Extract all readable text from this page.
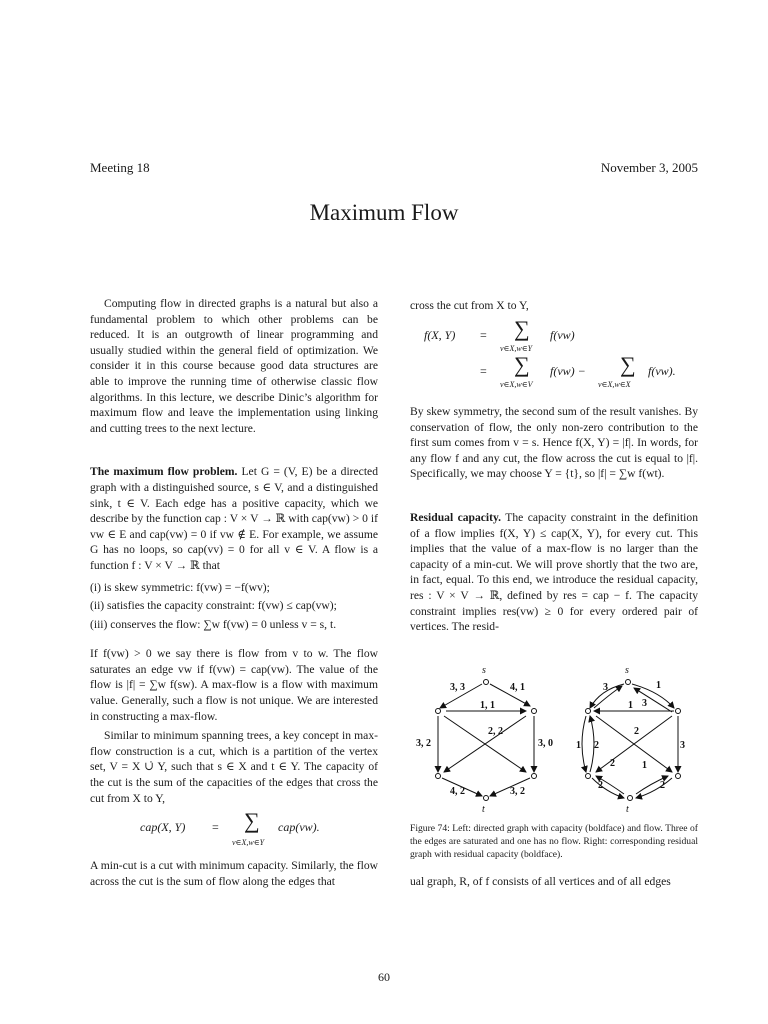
Meeting 18	November 3, 2005
Maximum Flow

Computing flow in directed graphs is a natural but also a fundamental problem to which other problems can be reduced. It is an outgrowth of linear programming and usually studied within the general field of optimization. We consider it in this course because good data structures are able to improve the running time of otherwise classic flow algorithms. In this lecture, we describe Dinic’s algorithm for maximum flow and leave the implementation using linking and cutting trees to the next lecture.

The maximum flow problem. Let G = (V, E) be a directed graph with a distinguished source, s ∈ V, and a distinguished sink, t ∈ V. Each edge has a positive capacity, which we describe by the function cap : V × V → ℝ with cap(vw) > 0 if vw ∈ E and cap(vw) = 0 if vw ∉ E. For example, we assume G has no loops, so cap(vv) = 0 for all v ∈ V. A flow is a function f : V × V → ℝ that

(i) is skew symmetric: f(vw) = −f(wv);
(ii) satisfies the capacity constraint: f(vw) ≤ cap(vw);
(iii) conserves the flow: ∑w f(vw) = 0 unless v = s, t.

If f(vw) > 0 we say there is flow from v to w. The flow saturates an edge vw if f(vw) = cap(vw). The value of the flow is |f| = ∑w f(sw). A max-flow is a flow with maximum value. Generally, such a flow is not unique. We are interested in constructing a max-flow.

Similar to minimum spanning trees, a key concept in max-flow construction is a cut, which is a partition of the vertex set, V = X ∪̇ Y, such that s ∈ X and t ∈ Y. The capacity of the cut is the sum of the capacities of the edges that cross the cut from X to Y,

cap(X, Y) = ∑
v∈X,w∈Y
cap(vw).

A min-cut is a cut with minimum capacity. Similarly, the flow across the cut is the sum of flow along the edges that

cross the cut from X to Y,

f(X, Y) = ∑
v∈X,w∈Y
f(vw)
= ∑
v∈X,w∈V
f(vw) − ∑
v∈X,w∈X
f(vw).

By skew symmetry, the second sum of the result vanishes. By conservation of flow, the only non-zero contribution to the first sum comes from v = s. Hence f(X, Y) = |f|. In words, for any flow f and any cut, the flow across the cut is equal to |f|. Specifically, we may choose Y = {t}, so |f| = ∑w f(wt).

Residual capacity. The capacity constraint in the definition of a flow implies f(X, Y) ≤ cap(X, Y), for every cut. This implies that the value of a max-flow is no larger than the capacity of a min-cut. We will prove shortly that the two are, in fact, equal. To this end, we introduce the residual capacity, res : V × V → ℝ, defined by res = cap − f. The capacity constraint implies res(vw) ≥ 0 for every ordered pair of vertices. The resid-

s
t
3, 3	4, 1
1, 1
2, 2
3, 2	3, 0
4, 2	3, 2
s
t
3	1
1 3
1 2
2
3
2	1
2	2
Figure 74: Left: directed graph with capacity (boldface) and flow. Three of the edges are saturated and one has no flow. Right: corresponding residual graph with residual capacity (boldface).

ual graph, R, of f consists of all vertices and of all edges

60
